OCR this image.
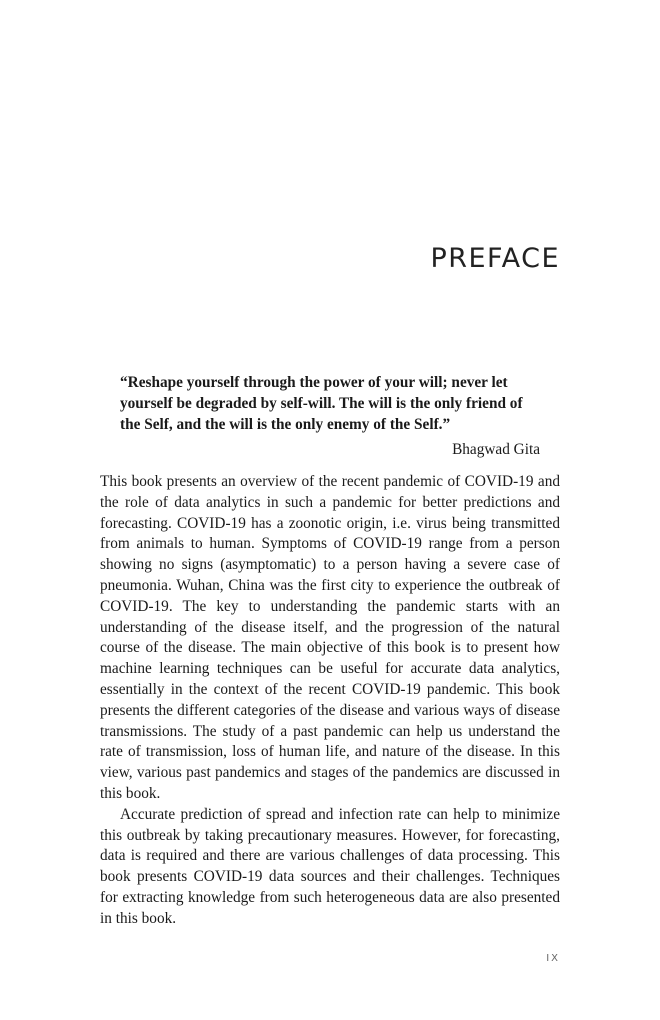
PREFACE

“Reshape yourself through the power of your will; never let yourself be degraded by self-will. The will is the only friend of the Self, and the will is the only enemy of the Self.”

Bhagwad Gita

This book presents an overview of the recent pandemic of COVID-19 and the role of data analytics in such a pandemic for better predictions and forecasting. COVID-19 has a zoonotic origin, i.e. virus being transmitted from animals to human. Symptoms of COVID-19 range from a person showing no signs (asymptomatic) to a person having a severe case of pneumonia. Wuhan, China was the first city to experience the outbreak of COVID-19. The key to understanding the pandemic starts with an understanding of the disease itself, and the progression of the natural course of the disease. The main objective of this book is to present how machine learning techniques can be useful for accurate data analytics, essentially in the context of the recent COVID-19 pandemic. This book presents the different categories of the disease and various ways of disease transmissions. The study of a past pandemic can help us understand the rate of transmission, loss of human life, and nature of the disease. In this view, various past pandemics and stages of the pandemics are discussed in this book.

Accurate prediction of spread and infection rate can help to minimize this outbreak by taking precautionary measures. However, for forecasting, data is required and there are various challenges of data processing. This book presents COVID-19 data sources and their challenges. Techniques for extracting knowledge from such heterogeneous data are also presented in this book.

IX
